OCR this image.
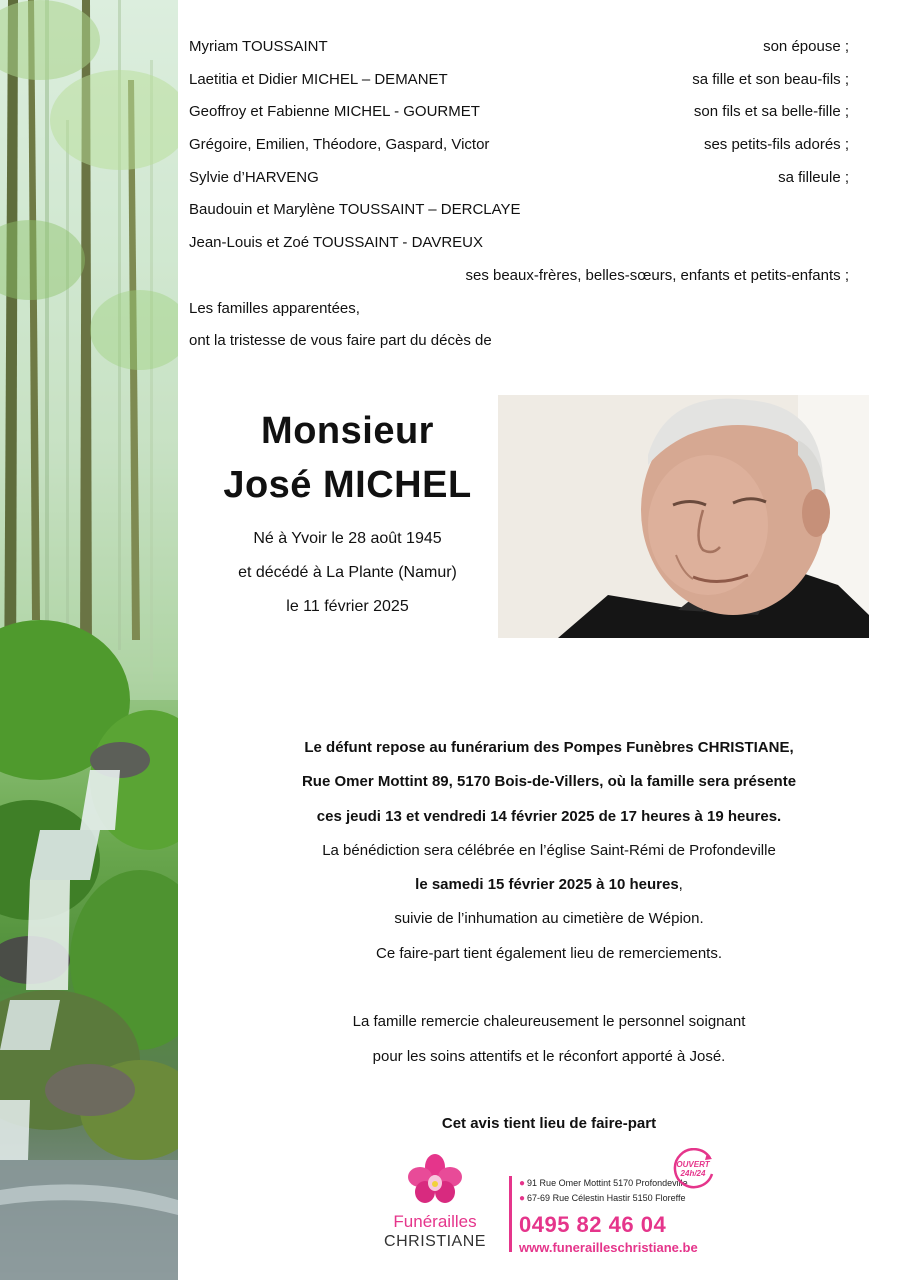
Myriam TOUSSAINT	son épouse ;
Laetitia et Didier MICHEL – DEMANET	sa fille et son beau-fils ;
Geoffroy et Fabienne MICHEL - GOURMET	son fils et sa belle-fille ;
Grégoire, Emilien, Théodore, Gaspard, Victor	ses petits-fils adorés ;
Sylvie d’HARVENG	sa filleule ;
Baudouin et Marylène TOUSSAINT – DERCLAYE
Jean-Louis et Zoé TOUSSAINT - DAVREUX
ses beaux-frères, belles-sœurs, enfants et petits-enfants ;
Les familles apparentées,
ont la tristesse de vous faire part du décès de
Monsieur
José MICHEL
Né à Yvoir le 28 août 1945
et décédé à La Plante (Namur)
le 11 février 2025

Le défunt repose au funérarium des Pompes Funèbres CHRISTIANE,

Rue Omer Mottint 89, 5170 Bois-de-Villers, où la famille sera présente

ces jeudi 13 et vendredi 14 février 2025 de 17 heures à 19 heures.

La bénédiction sera célébrée en l’église Saint-Rémi de Profondeville

le samedi 15 février 2025 à 10 heures,

suivie de l’inhumation au cimetière de Wépion.

Ce faire-part tient également lieu de remerciements.

La famille remercie chaleureusement le personnel soignant

pour les soins attentifs et le réconfort apporté à José.

Cet avis tient lieu de faire-part
Funérailles
CHRISTIANE
● 91 Rue Omer Mottint 5170 Profondeville
● 67-69 Rue Célestin Hastir 5150 Floreffe
0495 82 46 04
www.funerailleschristiane.be
OUVERT
24h/24
